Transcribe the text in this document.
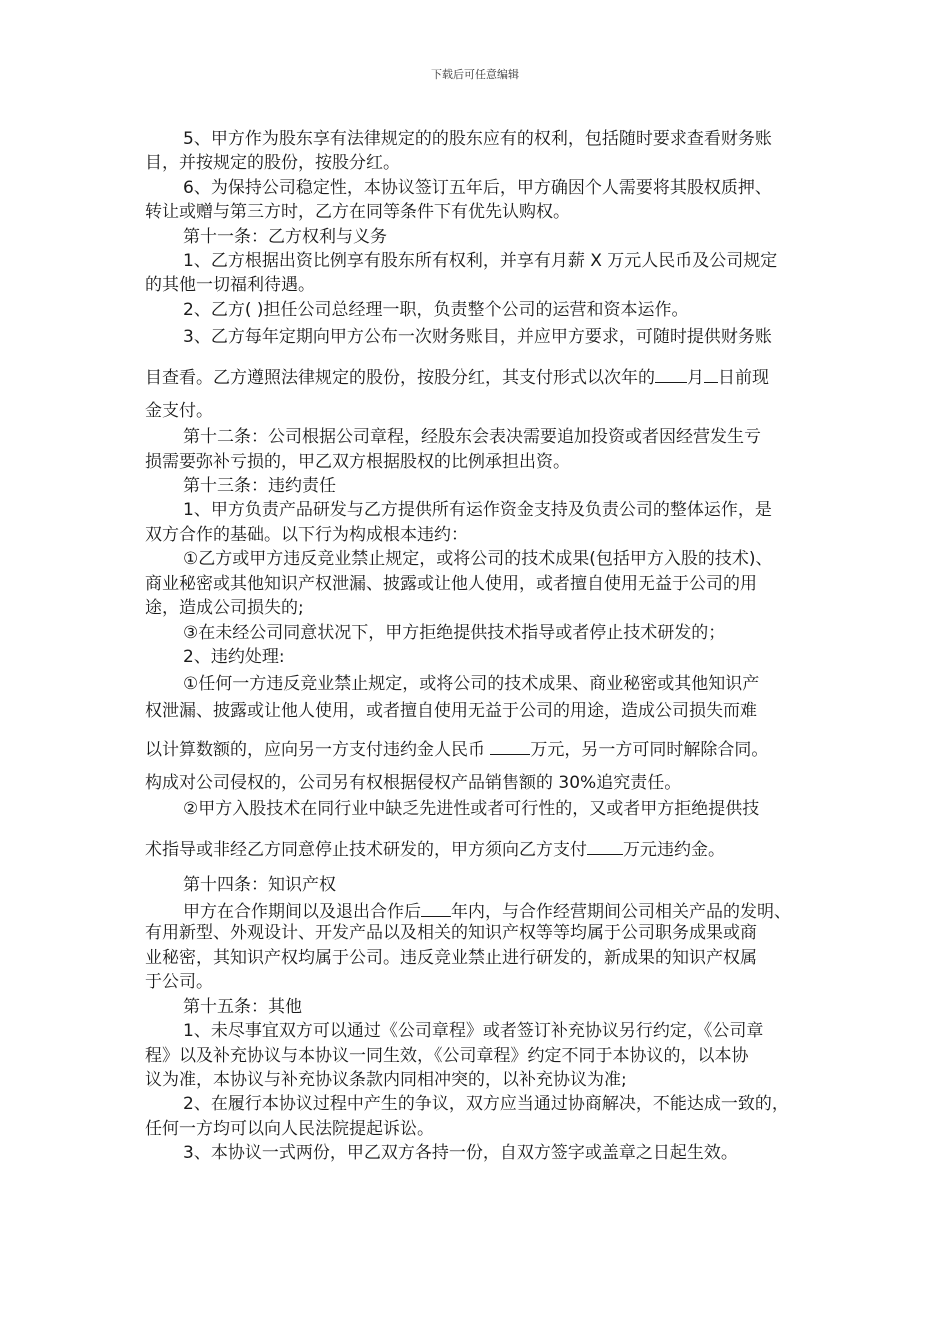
下载后可任意编辑
5、甲方作为股东享有法律规定的的股东应有的权利，包括随时要求查看财务账
目，并按规定的股份，按股分红。
6、为保持公司稳定性，本协议签订五年后，甲方确因个人需要将其股权质押、
转让或赠与第三方时，乙方在同等条件下有优先认购权。
第十一条：乙方权利与义务
1、乙方根据出资比例享有股东所有权利，并享有月薪 X 万元人民币及公司规定
的其他一切福利待遇。
2、乙方( )担任公司总经理一职，负责整个公司的运营和资本运作。
3、乙方每年定期向甲方公布一次财务账目，并应甲方要求，可随时提供财务账
目查看。乙方遵照法律规定的股份，按股分红，其支付形式以次年的 月 日前现
金支付。
第十二条：公司根据公司章程，经股东会表决需要追加投资或者因经营发生亏
损需要弥补亏损的，甲乙双方根据股权的比例承担出资。
第十三条：违约责任
1、甲方负责产品研发与乙方提供所有运作资金支持及负责公司的整体运作，是
双方合作的基础。以下行为构成根本违约：
①乙方或甲方违反竞业禁止规定，或将公司的技术成果(包括甲方入股的技术)、
商业秘密或其他知识产权泄漏、披露或让他人使用，或者擅自使用无益于公司的用
途，造成公司损失的;
③在未经公司同意状况下，甲方拒绝提供技术指导或者停止技术研发的；
2、违约处理:
①任何一方违反竞业禁止规定，或将公司的技术成果、商业秘密或其他知识产
权泄漏、披露或让他人使用，或者擅自使用无益于公司的用途，造成公司损失而难
以计算数额的，应向另一方支付违约金人民币 万元，另一方可同时解除合同。
构成对公司侵权的，公司另有权根据侵权产品销售额的 30%追究责任。
②甲方入股技术在同行业中缺乏先进性或者可行性的，又或者甲方拒绝提供技
术指导或非经乙方同意停止技术研发的，甲方须向乙方支付 万元违约金。
第十四条：知识产权
甲方在合作期间以及退出合作后 年内，与合作经营期间公司相关产品的发明、
有用新型、外观设计、开发产品以及相关的知识产权等等均属于公司职务成果或商
业秘密，其知识产权均属于公司。违反竞业禁止进行研发的，新成果的知识产权属
于公司。
第十五条：其他
1、未尽事宜双方可以通过《公司章程》或者签订补充协议另行约定，《公司章
程》以及补充协议与本协议一同生效，《公司章程》约定不同于本协议的，以本协
议为准，本协议与补充协议条款内同相冲突的，以补充协议为准;
2、在履行本协议过程中产生的争议，双方应当通过协商解决，不能达成一致的，
任何一方均可以向人民法院提起诉讼。
3、本协议一式两份，甲乙双方各持一份，自双方签字或盖章之日起生效。
